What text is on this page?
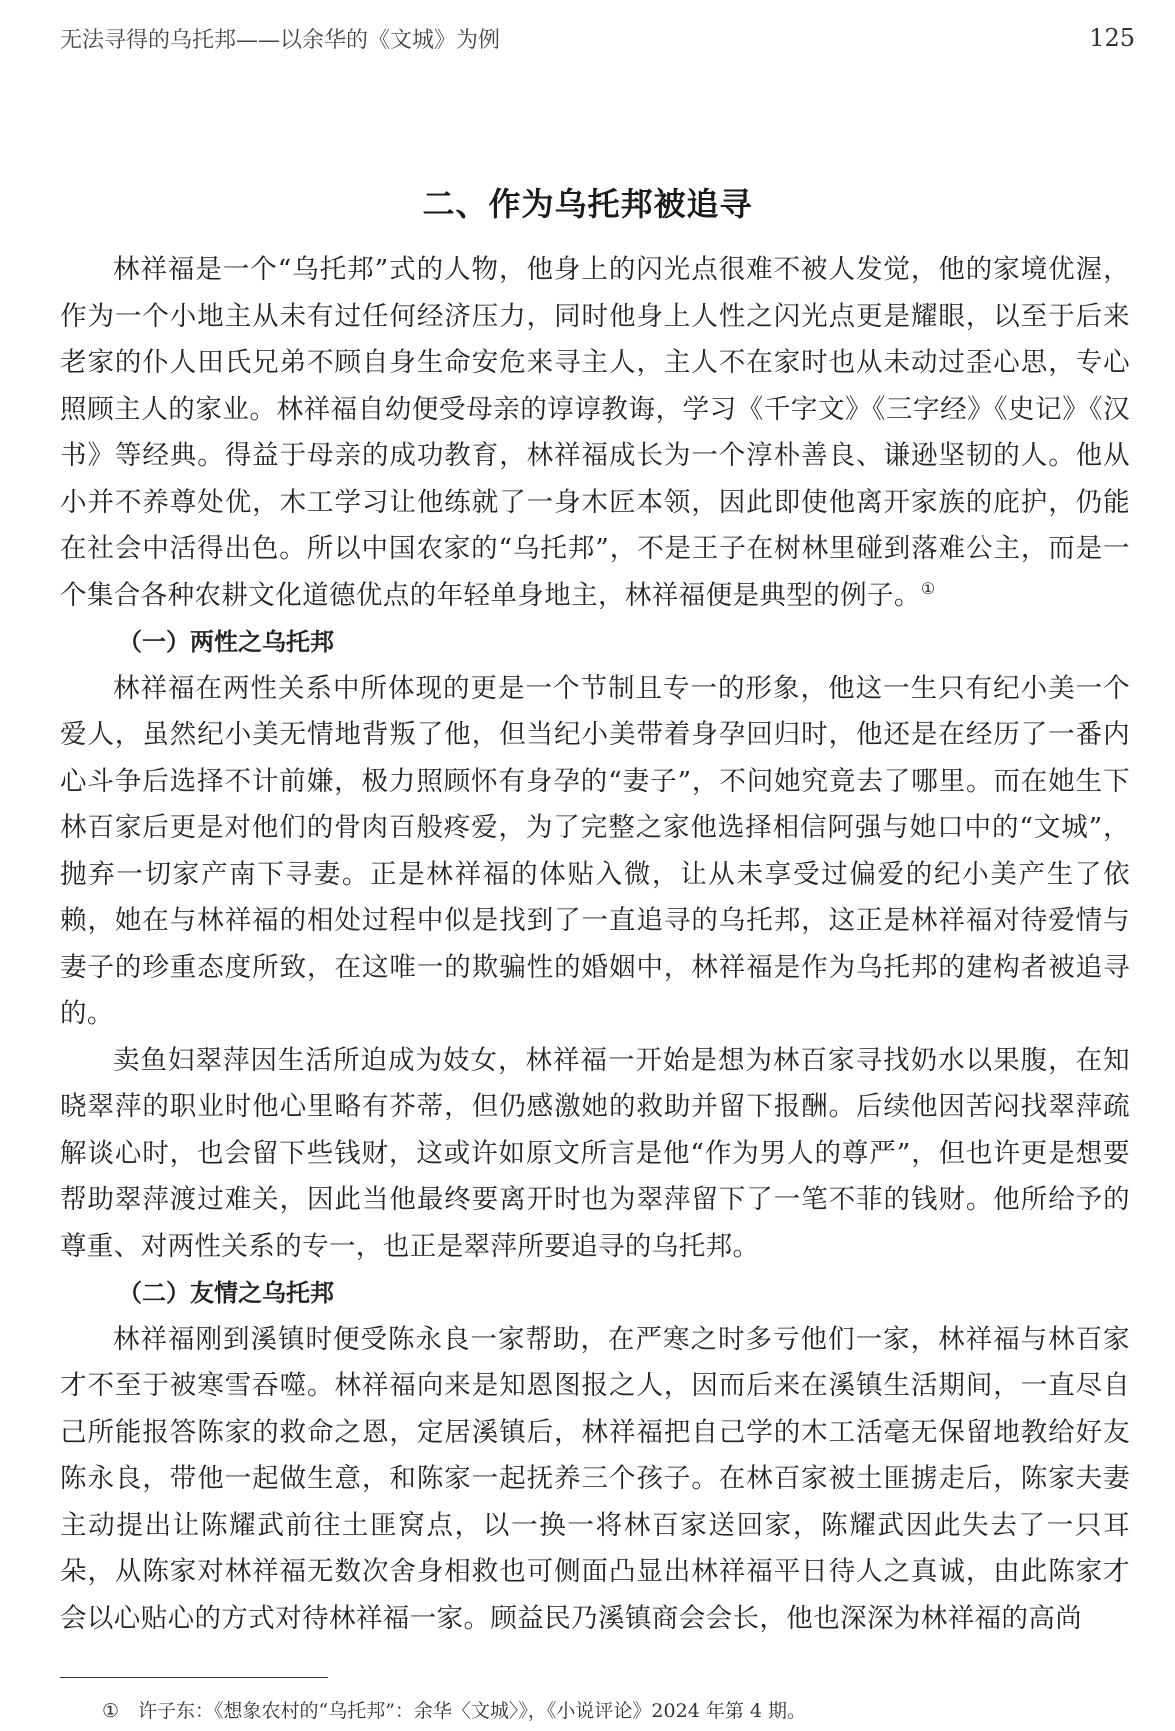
无法寻得的乌托邦——以余华的《文城》为例	125
二、作为乌托邦被追寻

林祥福是一个“乌托邦”式的人物，他身上的闪光点很难不被人发觉，他的家境优渥，作为一个小地主从未有过任何经济压力，同时他身上人性之闪光点更是耀眼，以至于后来老家的仆人田氏兄弟不顾自身生命安危来寻主人，主人不在家时也从未动过歪心思，专心照顾主人的家业。林祥福自幼便受母亲的谆谆教诲，学习《千字文》《三字经》《史记》《汉书》等经典。得益于母亲的成功教育，林祥福成长为一个淳朴善良、谦逊坚韧的人。他从小并不养尊处优，木工学习让他练就了一身木匠本领，因此即使他离开家族的庇护，仍能在社会中活得出色。所以中国农家的“乌托邦”，不是王子在树林里碰到落难公主，而是一个集合各种农耕文化道德优点的年轻单身地主，林祥福便是典型的例子。①

（一）两性之乌托邦

林祥福在两性关系中所体现的更是一个节制且专一的形象，他这一生只有纪小美一个爱人，虽然纪小美无情地背叛了他，但当纪小美带着身孕回归时，他还是在经历了一番内心斗争后选择不计前嫌，极力照顾怀有身孕的“妻子”，不问她究竟去了哪里。而在她生下林百家后更是对他们的骨肉百般疼爱，为了完整之家他选择相信阿强与她口中的“文城”，抛弃一切家产南下寻妻。正是林祥福的体贴入微，让从未享受过偏爱的纪小美产生了依赖，她在与林祥福的相处过程中似是找到了一直追寻的乌托邦，这正是林祥福对待爱情与妻子的珍重态度所致，在这唯一的欺骗性的婚姻中，林祥福是作为乌托邦的建构者被追寻的。

卖鱼妇翠萍因生活所迫成为妓女，林祥福一开始是想为林百家寻找奶水以果腹，在知晓翠萍的职业时他心里略有芥蒂，但仍感激她的救助并留下报酬。后续他因苦闷找翠萍疏解谈心时，也会留下些钱财，这或许如原文所言是他“作为男人的尊严”，但也许更是想要帮助翠萍渡过难关，因此当他最终要离开时也为翠萍留下了一笔不菲的钱财。他所给予的尊重、对两性关系的专一，也正是翠萍所要追寻的乌托邦。

（二）友情之乌托邦

林祥福刚到溪镇时便受陈永良一家帮助，在严寒之时多亏他们一家，林祥福与林百家才不至于被寒雪吞噬。林祥福向来是知恩图报之人，因而后来在溪镇生活期间，一直尽自己所能报答陈家的救命之恩，定居溪镇后，林祥福把自己学的木工活毫无保留地教给好友陈永良，带他一起做生意，和陈家一起抚养三个孩子。在林百家被土匪掳走后，陈家夫妻主动提出让陈耀武前往土匪窝点，以一换一将林百家送回家，陈耀武因此失去了一只耳朵，从陈家对林祥福无数次舍身相救也可侧面凸显出林祥福平日待人之真诚，由此陈家才会以心贴心的方式对待林祥福一家。顾益民乃溪镇商会会长，他也深深为林祥福的高尚

① 许子东：《想象农村的“乌托邦”：余华〈文城〉》，《小说评论》2024 年第 4 期。
